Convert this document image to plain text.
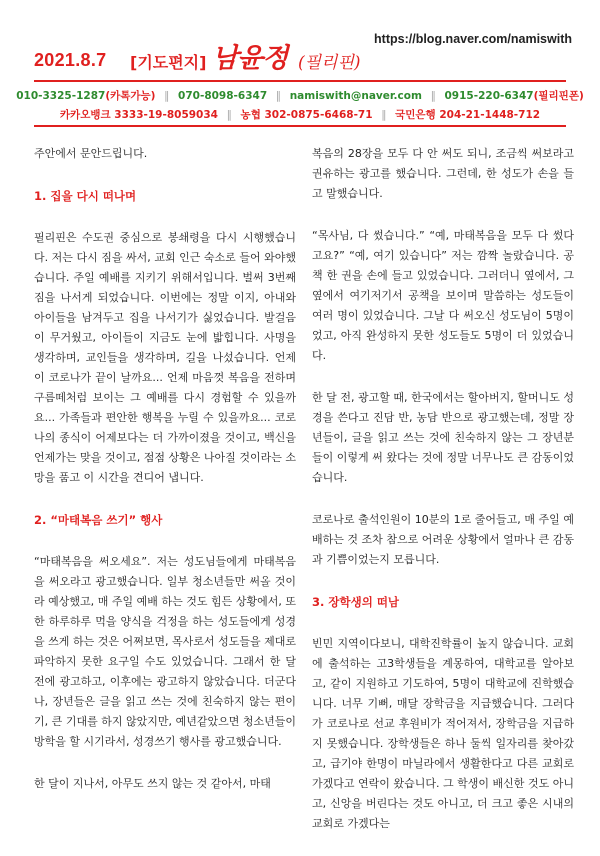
2021.8.7 [기도편지] 남윤정 (필리핀)
https://blog.naver.com/namiswith
010-3325-1287(카톡가능) ‖ 070-8098-6347 ‖ namiswith@naver.com ‖ 0915-220-6347(필리핀폰)
카카오뱅크 3333-19-8059034 ‖ 농협 302-0875-6468-71 ‖ 국민은행 204-21-1448-712

주안에서 문안드립니다.

1. 집을 다시 떠나며

필리핀은 수도권 중심으로 봉쇄령을 다시 시행했습니다. 저는 다시 짐을 싸서, 교회 인근 숙소로 들어 와야했습니다. 주일 예배를 지키기 위해서입니다. 벌써 3번째 짐을 나서게 되었습니다. 이번에는 정말 이지, 아내와 아이들을 남겨두고 집을 나서기가 싫었습니다. 발걸음이 무거웠고, 아이들이 지금도 눈에 밟힙니다. 사명을 생각하며, 교인들을 생각하며, 길을 나섰습니다. 언제 이 코로나가 끝이 날까요... 언제 마음껏 복음을 전하며 구름떼처럼 보이는 그 예배를 다시 경험할 수 있을까요... 가족들과 편안한 행복을 누릴 수 있을까요... 코로나의 종식이 어제보다는 더 가까이졌을 것이고, 백신을 언제가는 맞을 것이고, 점점 상황은 나아질 것이라는 소망을 품고 이 시간을 견디어 냅니다.

2. “마태복음 쓰기” 행사

“마태복음을 써오세요”. 저는 성도님들에게 마태복음을 써오라고 광고했습니다. 일부 청소년들만 써올 것이라 예상했고, 매 주일 예배 하는 것도 힘든 상황에서, 또한 하루하루 먹을 양식을 걱정을 하는 성도들에게 성경을 쓰게 하는 것은 어쩌보면, 목사로서 성도들을 제대로 파악하지 못한 요구일 수도 있었습니다. 그래서 한 달 전에 광고하고, 이후에는 광고하지 않았습니다. 더군다나, 장년들은 글을 읽고 쓰는 것에 친숙하지 않는 편이기, 큰 기대를 하지 않았지만, 예년같았으면 청소년들이 방학을 할 시기라서, 성경쓰기 행사를 광고했습니다.

한 달이 지나서, 아무도 쓰지 않는 것 같아서, 마태

복음의 28장을 모두 다 안 써도 되니, 조금씩 써보라고 권유하는 광고를 했습니다. 그런데, 한 성도가 손을 들고 말했습니다.

“목사님, 다 썼습니다.” “예, 마태복음을 모두 다 썼다고요?” “예, 여기 있습니다” 저는 깜짝 놀랐습니다. 공책 한 권을 손에 들고 있었습니다. 그러더니 옆에서, 그 옆에서 여기저기서 공책을 보이며 말씀하는 성도들이 여러 명이 있었습니다. 그날 다 써오신 성도님이 5명이었고, 아직 완성하지 못한 성도들도 5명이 더 있었습니다.

한 달 전, 광고할 때, 한국에서는 할아버지, 할머니도 성경을 쓴다고 진담 반, 농담 반으로 광고했는데, 정말 장년들이, 글을 읽고 쓰는 것에 친숙하지 않는 그 장년분들이 이렇게 써 왔다는 것에 정말 너무나도 큰 감동이었습니다.

코로나로 출석인원이 10분의 1로 줄어들고, 매 주일 예배하는 것 조차 참으로 어려운 상황에서 얼마나 큰 감동과 기쁨이었는지 모릅니다.

3. 장학생의 떠남

빈민 지역이다보니, 대학진학률이 높지 않습니다. 교회에 출석하는 고3학생들을 계몽하여, 대학교를 알아보고, 같이 지원하고 기도하여, 5명이 대학교에 진학했습니다. 너무 기뻐, 매달 장학금을 지급했습니다. 그러다가 코로나로 선교 후원비가 적어져서, 장학금을 지급하지 못했습니다. 장학생들은 하나 둘씩 일자리를 찾아갔고, 급기야 한명이 마닐라에서 생활한다고 다른 교회로 가겠다고 연락이 왔습니다. 그 학생이 배신한 것도 아니고, 신앙을 버린다는 것도 아니고, 더 크고 좋은 시내의 교회로 가겠다는
